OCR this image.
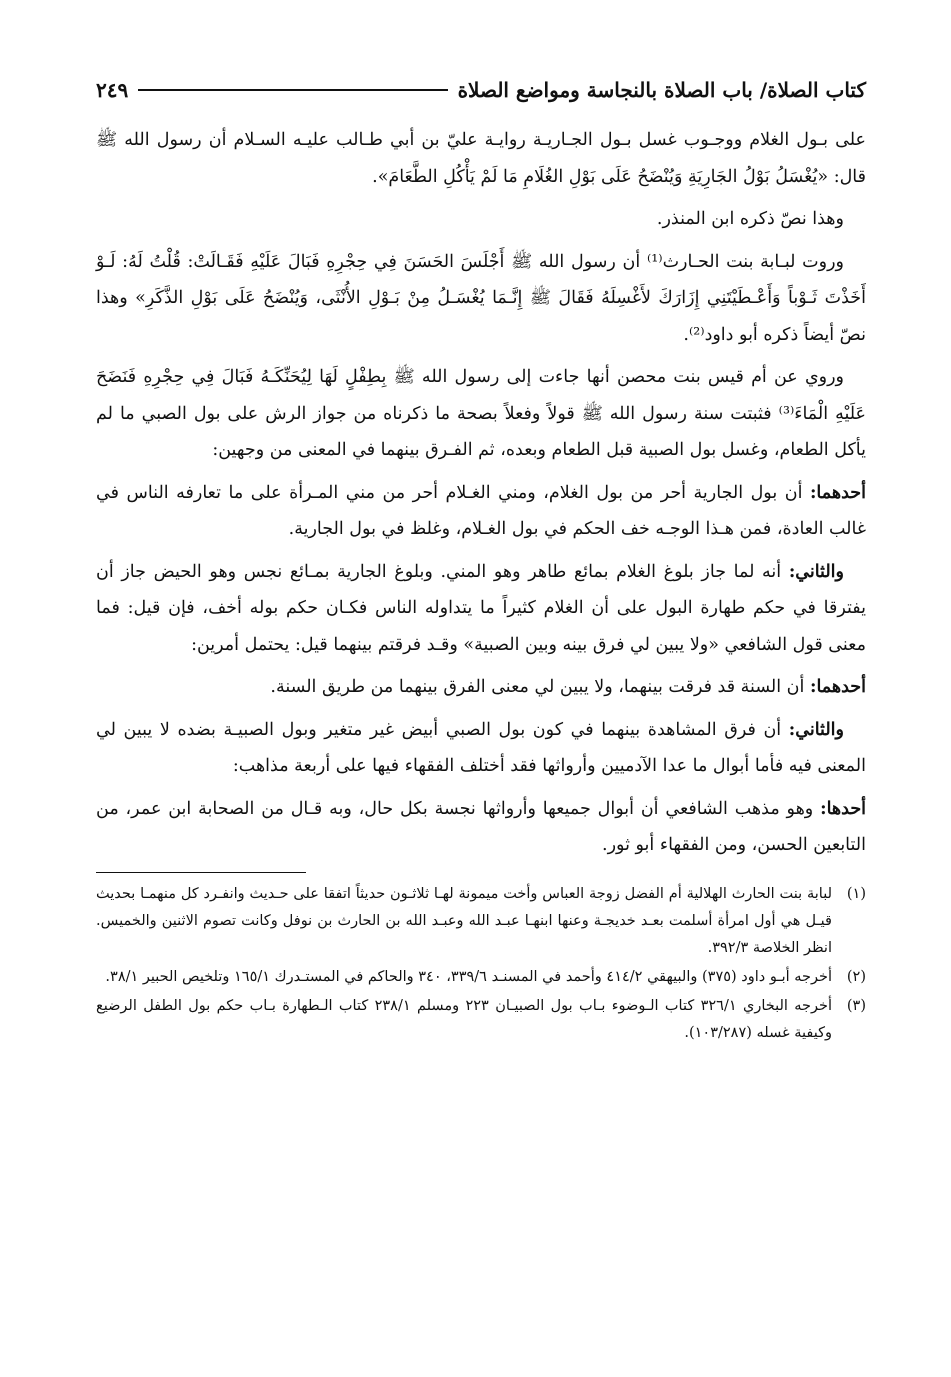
كتاب الصلاة/ باب الصلاة بالنجاسة ومواضع الصلاة
٢٤٩

على بـول الغلام ووجـوب غسل بـول الجـاريـة روايـة عليّ بن أبي طـالب عليـه السـلام أن رسول الله ﷺ قال: «يُغْسَلُ بَوْلُ الجَارِيَةِ وَيُنْضَحُ عَلَى بَوْلِ الغُلَامِ مَا لَمْ يَأْكُلِ الطَّعَامَ».

وهذا نصّ ذكره ابن المنذر.

وروت لبـابة بنت الحـارث⁽¹⁾ أن رسول الله ﷺ أَجْلَسَ الحَسَنَ فِي حِجْرِهِ فَبَالَ عَلَيْهِ فَقَـالَتْ: قُلْتُ لَهُ: لَـوْ أَخَذْتَ ثَـوْباً وَأَعْـطَيْتَنِي إِزَارَكَ لأَغْسِلَهُ فَقَالَ ﷺ إِنَّـمَا يُغْسَـلُ مِنْ بَـوْلِ الأُنْثَى، وَيُنْضَحُ عَلَى بَوْلِ الذَّكَرِ» وهذا نصّ أيضاً ذكره أبو داود⁽²⁾.

وروي عن أم قيس بنت محصن أنها جاءت إلى رسول الله ﷺ بِطِفْلٍ لَهَا لِيُحَنِّكَـهُ فَبَالَ فِي حِجْرِهِ فَنَضَحَ عَلَيْهِ الْمَاءَ⁽³⁾ فثبتت سنة رسول الله ﷺ قولاً وفعلاً بصحة ما ذكرناه من جواز الرش على بول الصبي ما لم يأكل الطعام، وغسل بول الصبية قبل الطعام وبعده، ثم الفـرق بينهما في المعنى من وجهين:

أحدهما: أن بول الجارية أحر من بول الغلام، ومني الغـلام أحر من مني المـرأة على ما تعارفه الناس في غالب العادة، فمن هـذا الوجـه خف الحكم في بول الغـلام، وغلظ في بول الجارية.

والثاني: أنه لما جاز بلوغ الغلام بمائع طاهر وهو المني. وبلوغ الجارية بمـائع نجس وهو الحيض جاز أن يفترقا في حكم طهارة البول على أن الغلام كثيراً ما يتداوله الناس فكـان حكم بوله أخف، فإن قيل: فما معنى قول الشافعي «ولا يبين لي فرق بينه وبين الصبية» وقـد فرقتم بينهما قيل: يحتمل أمرين:

أحدهما: أن السنة قد فرقت بينهما، ولا يبين لي معنى الفرق بينهما من طريق السنة.

والثاني: أن فرق المشاهدة بينهما في كون بول الصبي أبيض غير متغير وبول الصبيـة بضده لا يبين لي المعنى فيه فأما أبوال ما عدا الآدميين وأرواثها فقد أختلف الفقهاء فيها على أربعة مذاهب:

أحدها: وهو مذهب الشافعي أن أبوال جميعها وأرواثها نجسة بكل حال، وبه قـال من الصحابة ابن عمر، من التابعين الحسن، ومن الفقهاء أبو ثور.

(١)
لبابة بنت الحارث الهلالية أم الفضل زوجة العباس وأخت ميمونة لهـا ثلاثـون حديثاً اتفقا على حـديث وانفـرد كل منهمـا بحديث قيـل هي أول امرأة أسلمت بعـد خديجـة وعنها ابنهـا عبـد الله وعبـد الله بن الحارث بن نوفل وكانت تصوم الاثنين والخميس. انظر الخلاصة ٣٩٢/٣.
(٢)
أخرجه أبـو داود (٣٧٥) والبيهقي ٤١٤/٢ وأحمد في المسنـد ٣٣٩/٦، ٣٤٠ والحاكم في المستـدرك ١٦٥/١ وتلخيص الحبير ٣٨/١.
(٣)
أخرجه البخاري ٣٢٦/١ كتاب الـوضوء بـاب بول الصبيـان ٢٢٣ ومسلم ٢٣٨/١ كتاب الـطهارة بـاب حكم بول الطفل الرضيع وكيفية غسله (١٠٣/٢٨٧).
